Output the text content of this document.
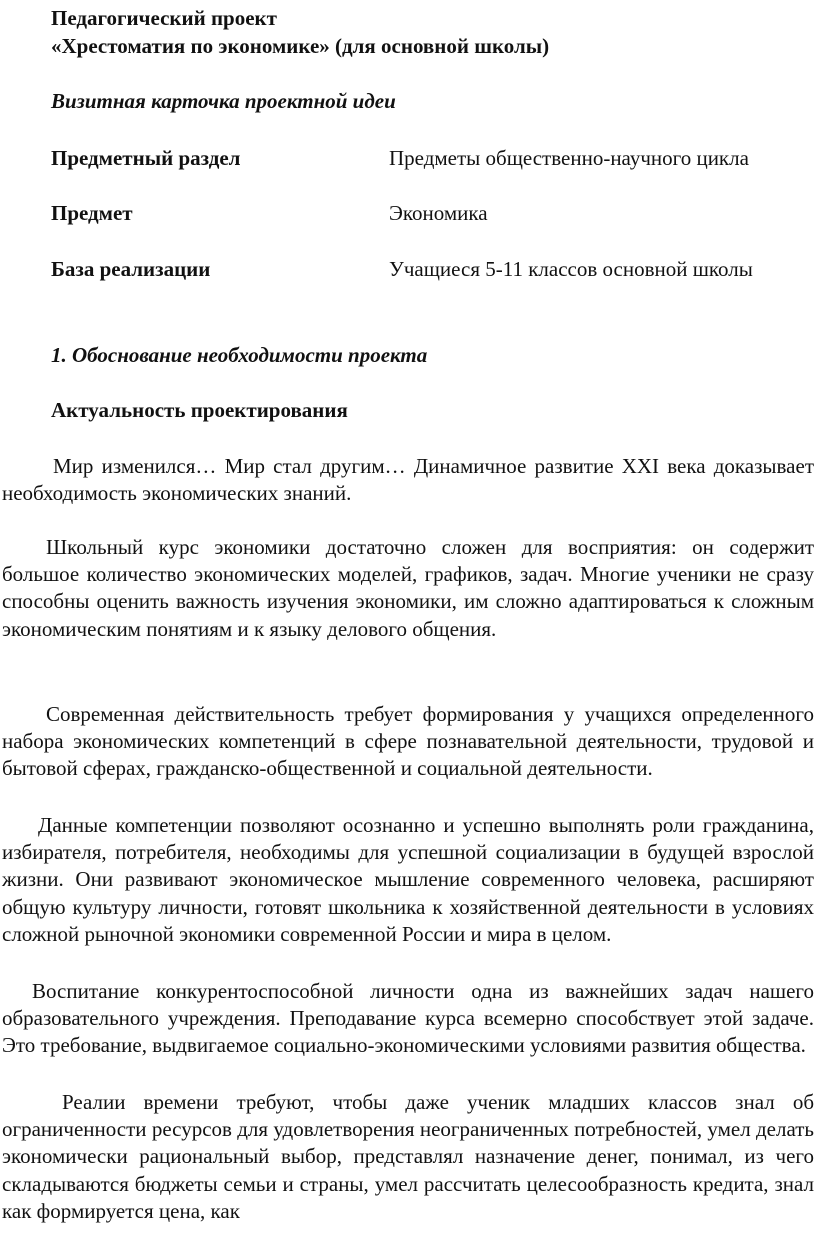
Педагогический проект
«Хрестоматия по экономике» (для основной школы)
Визитная карточка проектной идеи
Предметный раздел	Предметы общественно-научного цикла
Предмет	Экономика
База реализации	Учащиеся 5-11 классов основной школы
1. Обоснование необходимости проекта
Актуальность проектирования

Мир изменился… Мир стал другим… Динамичное развитие XXI века доказывает необходимость экономических знаний.

Школьный курс экономики достаточно сложен для восприятия: он содержит большое количество экономических моделей, графиков, задач. Многие ученики не сразу способны оценить важность изучения экономики, им сложно адаптироваться к сложным экономическим понятиям и к языку делового общения.

Современная действительность требует формирования у учащихся определенного набора экономических компетенций в сфере познавательной деятельности, трудовой и бытовой сферах, гражданско-общественной и социальной деятельности.

Данные компетенции позволяют осознанно и успешно выполнять роли гражданина, избирателя, потребителя, необходимы для успешной социализации в будущей взрослой жизни. Они развивают экономическое мышление современного человека, расширяют общую культуру личности, готовят школьника к хозяйственной деятельности в условиях сложной рыночной экономики современной России и мира в целом.

Воспитание конкурентоспособной личности одна из важнейших задач нашего образовательного учреждения. Преподавание курса всемерно способствует этой задаче. Это требование, выдвигаемое социально-экономическими условиями развития общества.

Реалии времени требуют, чтобы даже ученик младших классов знал об ограниченности ресурсов для удовлетворения неограниченных потребностей, умел делать экономически рациональный выбор, представлял назначение денег, понимал, из чего складываются бюджеты семьи и страны, умел рассчитать целесообразность кредита, знал как формируется цена, как
